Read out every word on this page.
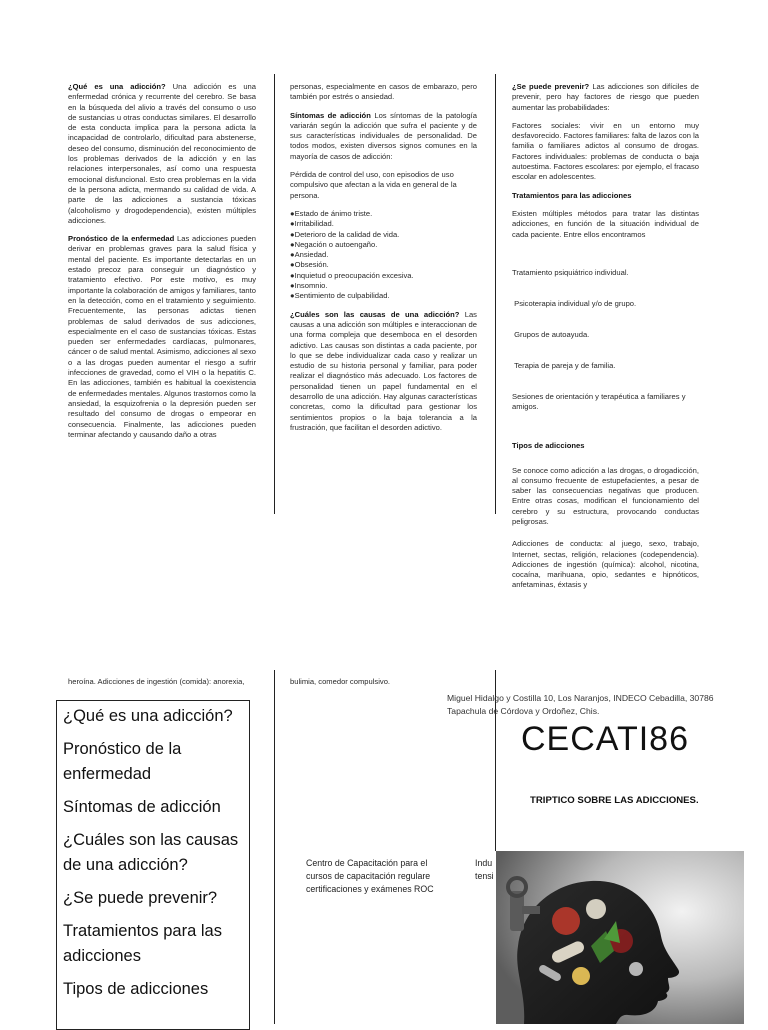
¿Qué es una adicción? Una adicción es una enfermedad crónica y recurrente del cerebro. Se basa en la búsqueda del alivio a través del consumo o uso de sustancias u otras conductas similares. El desarrollo de esta conducta implica para la persona adicta la incapacidad de controlarlo, dificultad para abstenerse, deseo del consumo, disminución del reconocimiento de los problemas derivados de la adicción y en las relaciones interpersonales, así como una respuesta emocional disfuncional. Esto crea problemas en la vida de la persona adicta, mermando su calidad de vida. A parte de las adicciones a sustancia tóxicas (alcoholismo y drogodependencia), existen múltiples adicciones.

Pronóstico de la enfermedad Las adicciones pueden derivar en problemas graves para la salud física y mental del paciente. Es importante detectarlas en un estado precoz para conseguir un diagnóstico y tratamiento efectivo. Por este motivo, es muy importante la colaboración de amigos y familiares, tanto en la detección, como en el tratamiento y seguimiento. Frecuentemente, las personas adictas tienen problemas de salud derivados de sus adicciones, especialmente en el caso de sustancias tóxicas. Estas pueden ser enfermedades cardíacas, pulmonares, cáncer o de salud mental. Asimismo, adicciones al sexo o a las drogas pueden aumentar el riesgo a sufrir infecciones de gravedad, como el VIH o la hepatitis C. En las adicciones, también es habitual la coexistencia de enfermedades mentales. Algunos trastornos como la ansiedad, la esquizofrenia o la depresión pueden ser resultado del consumo de drogas o empeorar en consecuencia. Finalmente, las adicciones pueden terminar afectando y causando daño a otras

personas, especialmente en casos de embarazo, pero también por estrés o ansiedad.

Síntomas de adicción Los síntomas de la patología variarán según la adicción que sufra el paciente y de sus características individuales de personalidad. De todos modos, existen diversos signos comunes en la mayoría de casos de adicción:

Pérdida de control del uso, con episodios de uso compulsivo que afectan a la vida en general de la persona.

●Estado de ánimo triste.
●Irritabilidad.
●Deterioro de la calidad de vida.
●Negación o autoengaño.
●Ansiedad.
●Obsesión.
●Inquietud o preocupación excesiva.
●Insomnio.
●Sentimiento de culpabilidad.

¿Cuáles son las causas de una adicción? Las causas a una adicción son múltiples e interaccionan de una forma compleja que desemboca en el desorden adictivo. Las causas son distintas a cada paciente, por lo que se debe individualizar cada caso y realizar un estudio de su historia personal y familiar, para poder realizar el diagnóstico más adecuado. Los factores de personalidad tienen un papel fundamental en el desarrollo de una adicción. Hay algunas características concretas, como la dificultad para gestionar los sentimientos propios o la baja tolerancia a la frustración, que facilitan el desorden adictivo.

¿Se puede prevenir? Las adicciones son difíciles de prevenir, pero hay factores de riesgo que pueden aumentar las probabilidades:

Factores sociales: vivir en un entorno muy desfavorecido. Factores familiares: falta de lazos con la familia o familiares adictos al consumo de drogas. Factores individuales: problemas de conducta o baja autoestima. Factores escolares: por ejemplo, el fracaso escolar en adolescentes.

Tratamientos para las adicciones

Existen múltiples métodos para tratar las distintas adicciones, en función de la situación individual de cada paciente. Entre ellos encontramos

Tratamiento psiquiátrico individual.

Psicoterapia individual y/o de grupo.

Grupos de autoayuda.

Terapia de pareja y de familia.

Sesiones de orientación y terapéutica a familiares y amigos.

Tipos de adicciones

Se conoce como adicción a las drogas, o drogadicción, al consumo frecuente de estupefacientes, a pesar de saber las consecuencias negativas que producen. Entre otras cosas, modifican el funcionamiento del cerebro y su estructura, provocando conductas peligrosas.

Adicciones de conducta: al juego, sexo, trabajo, Internet, sectas, religión, relaciones (codependencia). Adicciones de ingestión (química): alcohol, nicotina, cocaína, marihuana, opio, sedantes e hipnóticos, anfetaminas, éxtasis y

heroína. Adicciones de ingestión (comida): anorexia,	bulimia, comedor compulsivo.
¿Qué es una adicción?
Pronóstico de la enfermedad
Síntomas de adicción
¿Cuáles son las causas de una adicción?
¿Se puede prevenir?
Tratamientos para las adicciones
Tipos de adicciones
Miguel Hidalgo y Costilla 10, Los Naranjos, INDECO Cebadilla, 30786 Tapachula de Córdova y Ordoñez, Chis.
CECATI86
TRIPTICO SOBRE LAS ADICCIONES.
Centro de Capacitación para el cursos de capacitación regulare certificaciones y exámenes ROC
Indu
tensi
